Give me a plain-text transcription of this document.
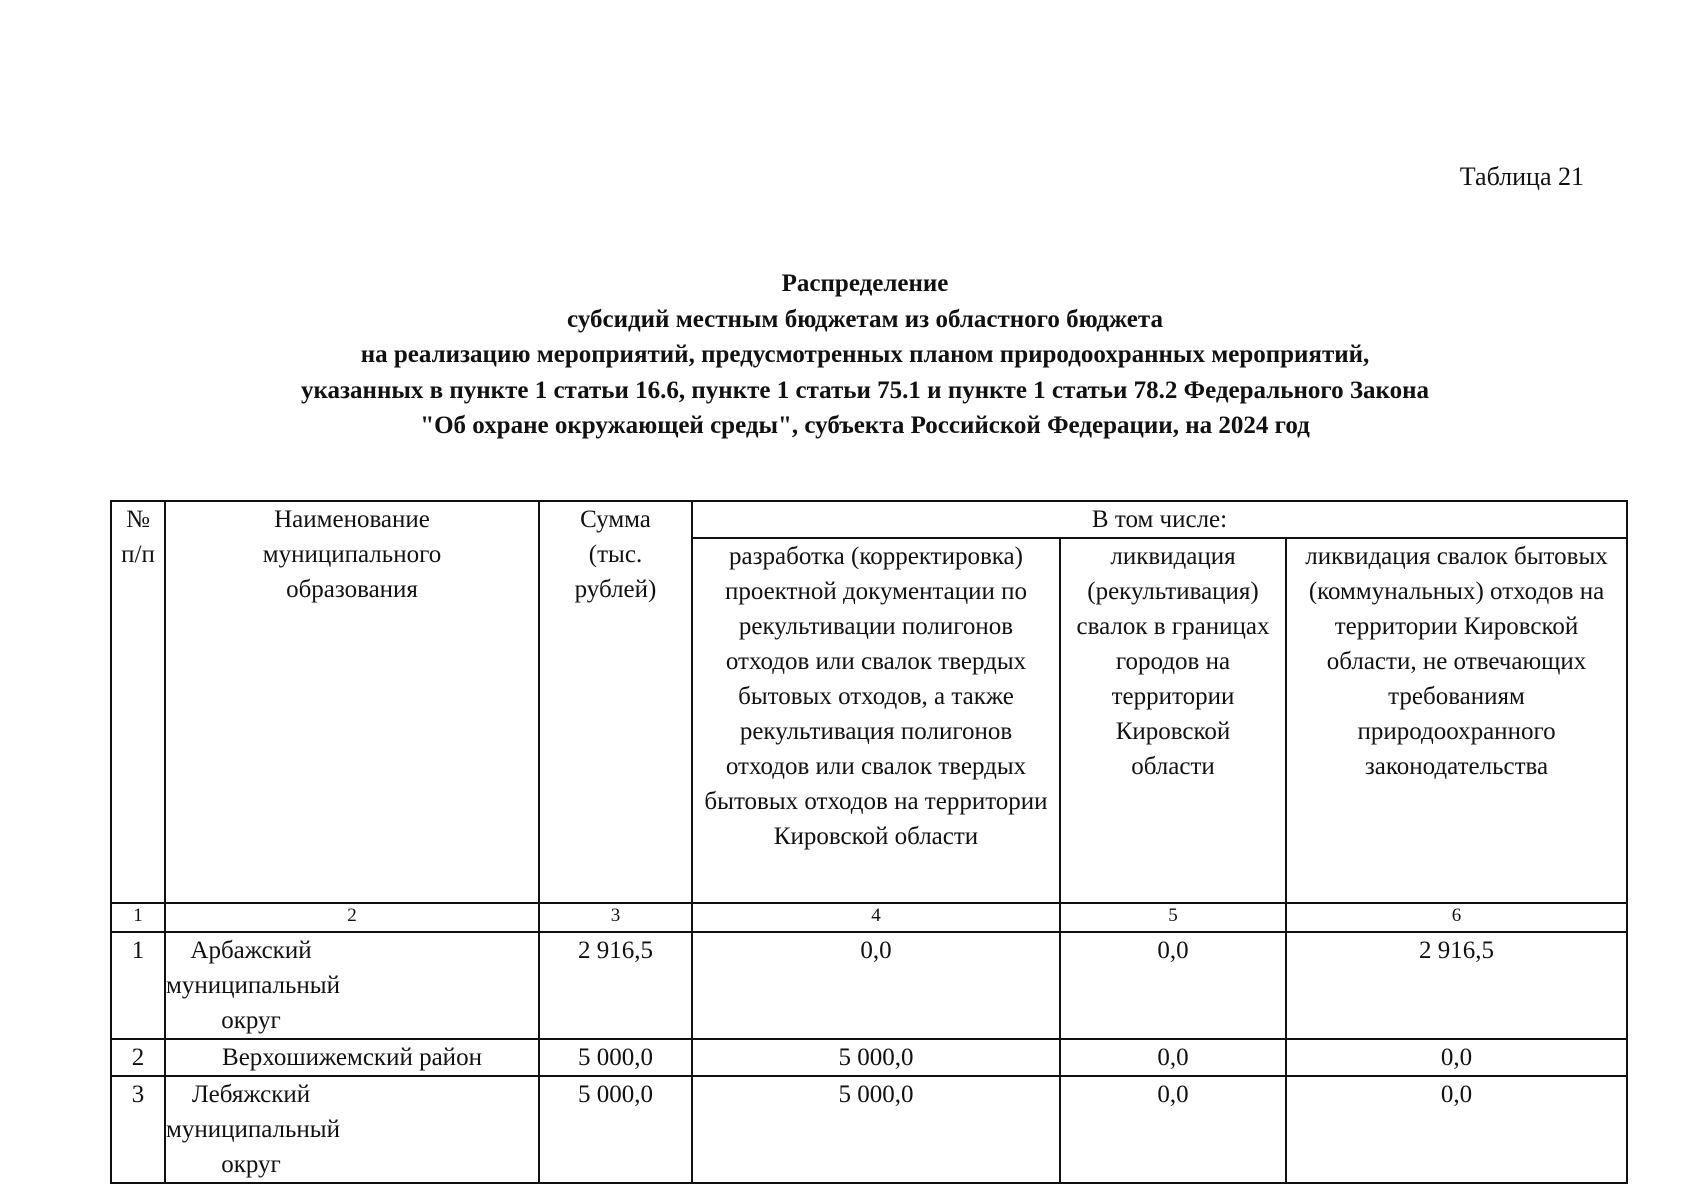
Таблица 21
Распределение
субсидий местным бюджетам из областного бюджета
на реализацию мероприятий, предусмотренных планом природоохранных мероприятий,
указанных в пункте 1 статьи 16.6, пункте 1 статьи 75.1 и пункте 1 статьи 78.2 Федерального Закона
"Об охране окружающей среды", субъекта Российской Федерации, на 2024 год
№ п/п	Наименование муниципального образования	Сумма (тыс. рублей)	В том числе:		

			разработка (корректировка) проектной документации по рекультивации полигонов отходов или свалок твердых бытовых отходов, а также рекультивация полигонов отходов или свалок твердых бытовых отходов на территории Кировской области	ликвидация (рекультивация) свалок в границах городов на территории Кировской области	ликвидация свалок бытовых (коммунальных) отходов на территории Кировской области, не отвечающих требованиям природоохранного законодательства

1	2	3	4	5	6
1	Арбажский муниципальный округ	2 916,5	0,0	0,0	2 916,5
2	Верхошижемский район	5 000,0	5 000,0	0,0	0,0
3	Лебяжский муниципальный округ	5 000,0	5 000,0	0,0	0,0
